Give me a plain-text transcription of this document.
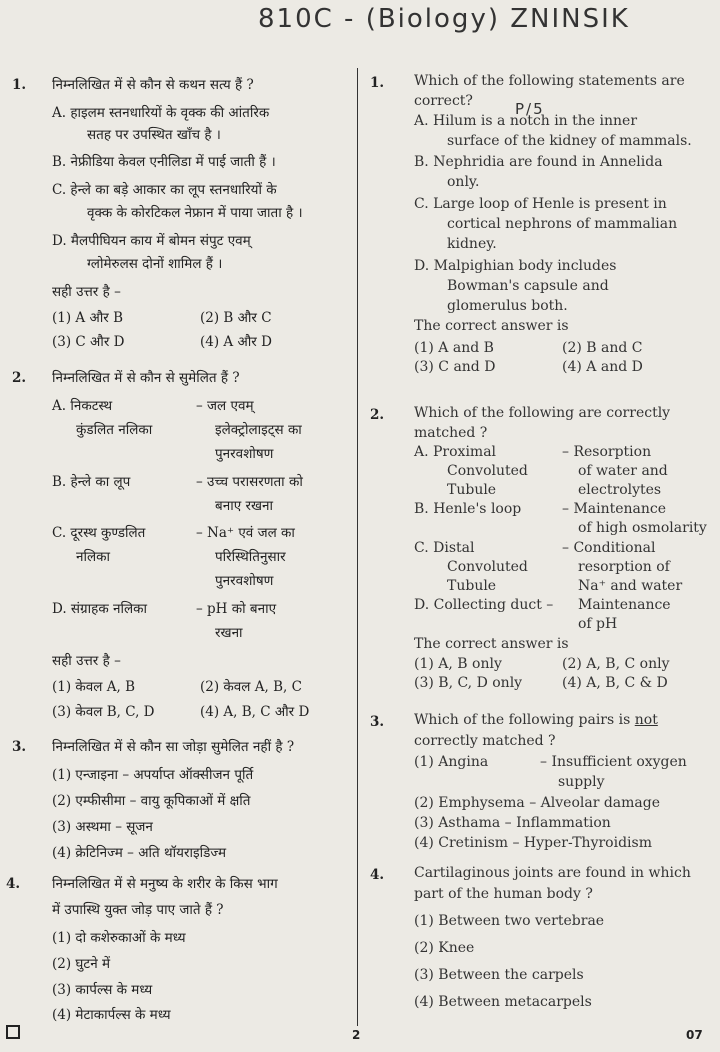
810C - (Biology) ZNINSIK
P/5
1. निम्नलिखित में से कौन से कथन सत्य हैं ?
A. हाइलम स्तनधारियों के वृक्क की आंतरिक
सतह पर उपस्थित खाँच है ।
B. नेफ्रीडिया केवल एनीलिडा में पाई जाती हैं ।
C. हेन्ले का बड़े आकार का लूप स्तनधारियों के
वृक्क के कोरटिकल नेफ्रान में पाया जाता है ।
D. मैलपीघियन काय में बोमन संपुट एवम्
ग्लोमेरुलस दोनों शामिल हैं ।
सही उत्तर है –
(1) A और B	(2) B और C
(3) C और D	(4) A और D
2. निम्नलिखित में से कौन से सुमेलित हैं ?
A. निकटस्थ
कुंडलित नलिका
– जल एवम्
इलेक्ट्रोलाइट्स का
पुनरवशोषण
B. हेन्ले का लूप	– उच्च परासरणता को
बनाए रखना
C. दूरस्थ कुण्डलित
नलिका
– Na⁺ एवं जल का
परिस्थितिनुसार
पुनरवशोषण
D. संग्राहक नलिका	– pH को बनाए
रखना
सही उत्तर है –
(1) केवल A, B	(2) केवल A, B, C
(3) केवल B, C, D	(4) A, B, C और D
3. निम्नलिखित में से कौन सा जोड़ा सुमेलित नहीं है ?
(1) एन्जाइना – अपर्याप्त ऑक्सीजन पूर्ति
(2) एम्फीसीमा – वायु कूपिकाओं में क्षति
(3) अस्थमा – सूजन
(4) क्रेटिनिज्म – अति थॉयराइडिज्म
4. निम्नलिखित में से मनुष्य के शरीर के किस भाग
में उपास्थि युक्त जोड़ पाए जाते हैं ?
(1) दो कशेरुकाओं के मध्य
(2) घुटने में
(3) कार्पल्स के मध्य
(4) मेटाकार्पल्स के मध्य
1. Which of the following statements are
correct?
A. Hilum is a notch in the inner
surface of the kidney of mammals.
B. Nephridia are found in Annelida
only.
C. Large loop of Henle is present in
cortical nephrons of mammalian
kidney.
D. Malpighian body includes
Bowman's capsule and
glomerulus both.
The correct answer is
(1) A and B	(2) B and C
(3) C and D	(4) A and D
2. Which of the following are correctly
matched ?
A. Proximal
Convoluted
Tubule
– Resorption
of water and
electrolytes
B. Henle's loop	– Maintenance
of high osmolarity
C. Distal
Convoluted
Tubule
– Conditional
resorption of
Na⁺ and water
D. Collecting duct – Maintenance
of pH
The correct answer is
(1) A, B only	(2) A, B, C only
(3) B, C, D only	(4) A, B, C & D
3. Which of the following pairs is not
correctly matched ?
(1) Angina	– Insufficient oxygen
supply
(2) Emphysema – Alveolar damage
(3) Asthama – Inflammation
(4) Cretinism – Hyper-Thyroidism
4. Cartilaginous joints are found in which
part of the human body ?
(1) Between two vertebrae
(2) Knee
(3) Between the carpels
(4) Between metacarpels
2	07
